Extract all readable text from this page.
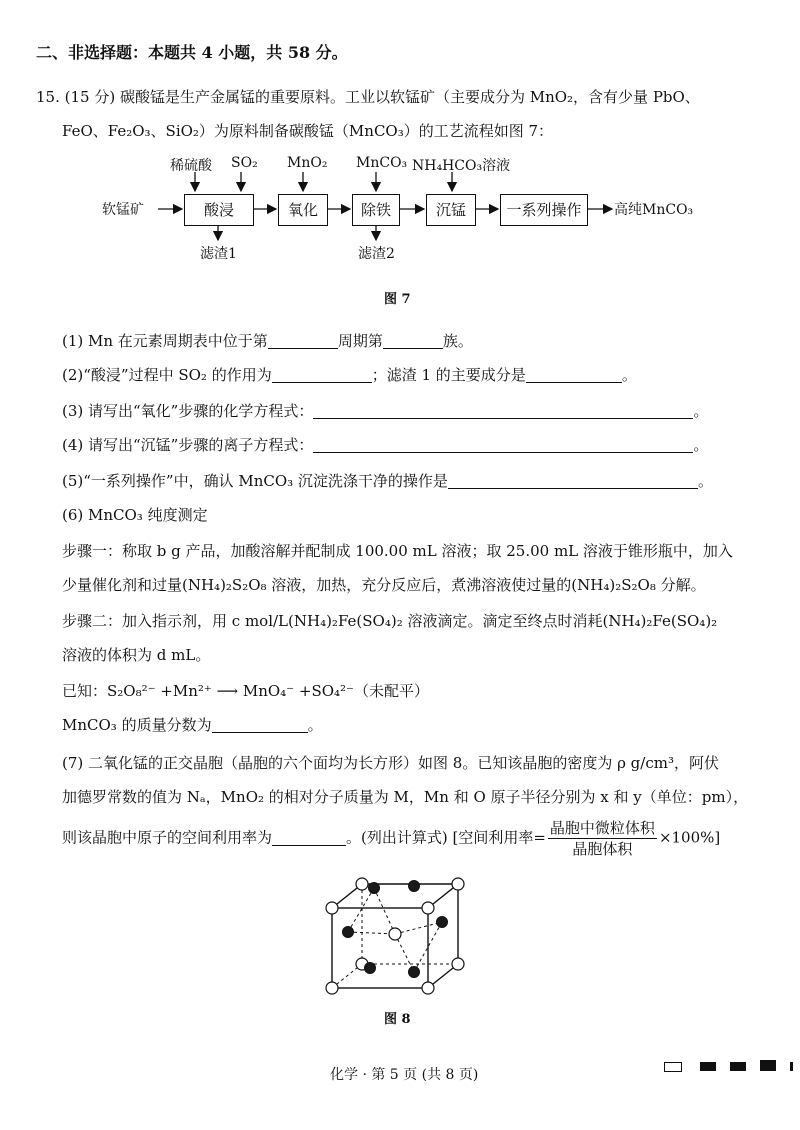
二、非选择题：本题共 4 小题，共 58 分。
15. (15 分) 碳酸锰是生产金属锰的重要原料。工业以软锰矿（主要成分为 MnO₂，含有少量 PbO、
FeO、Fe₂O₃、SiO₂）为原料制备碳酸锰（MnCO₃）的工艺流程如图 7：
软锰矿	酸浸	氧化	除铁	沉锰	一系列操作	高纯MnCO₃
稀硫酸 SO₂ MnO₂ MnCO₃ NH₄HCO₃溶液
滤渣1	滤渣2
图 7
(1) Mn 在元素周期表中位于第	周期第	族。
(2)“酸浸”过程中 SO₂ 的作用为	；滤渣 1 的主要成分是	。
(3) 请写出“氧化”步骤的化学方程式：	。
(4) 请写出“沉锰”步骤的离子方程式：	。
(5)“一系列操作”中，确认 MnCO₃ 沉淀洗涤干净的操作是	。
(6) MnCO₃ 纯度测定
步骤一：称取 b g 产品，加酸溶解并配制成 100.00 mL 溶液；取 25.00 mL 溶液于锥形瓶中，加入
少量催化剂和过量(NH₄)₂S₂O₈ 溶液，加热，充分反应后，煮沸溶液使过量的(NH₄)₂S₂O₈ 分解。
步骤二：加入指示剂，用 c mol/L(NH₄)₂Fe(SO₄)₂ 溶液滴定。滴定至终点时消耗(NH₄)₂Fe(SO₄)₂
溶液的体积为 d mL。
已知：S₂O₈²⁻ +Mn²⁺ ⟶ MnO₄⁻ +SO₄²⁻（未配平）
MnCO₃ 的质量分数为	。
(7) 二氧化锰的正交晶胞（晶胞的六个面均为长方形）如图 8。已知该晶胞的密度为 ρ g/cm³，阿伏
加德罗常数的值为 Nₐ，MnO₂ 的相对分子质量为 M，Mn 和 O 原子半径分别为 x 和 y（单位：pm），
则该晶胞中原子的空间利用率为	。(列出计算式) [空间利用率= $\frac{\text{晶胞中微粒体积}}{\text{晶胞体积}} \times 100\%$]
图 8
化学 · 第 5 页 (共 8 页)
